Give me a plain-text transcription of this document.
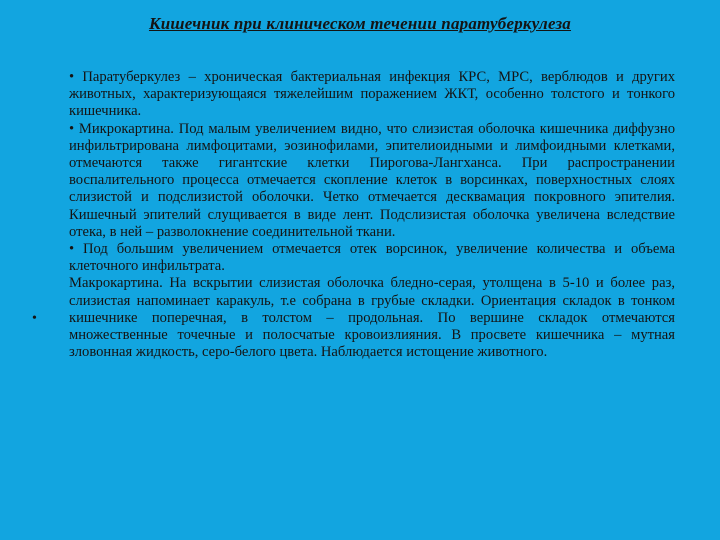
Кишечник при клиническом течении паратуберкулеза
•

• Паратуберкулез – хроническая бактериальная инфекция КРС, МРС, верблюдов и других животных, характеризующаяся тяжелейшим поражением ЖКТ, особенно толстого и тонкого кишечника.

• Микрокартина. Под малым увеличением видно, что слизистая оболочка кишечника диффузно инфильтрирована лимфоцитами, эозинофилами, эпителиоидными и лимфоидными клетками, отмечаются также гигантские клетки Пирогова-Лангханса. При распространении воспалительного процесса отмечается скопление клеток в ворсинках, поверхностных слоях слизистой и подслизистой оболочки. Четко отмечается десквамация покровного эпителия. Кишечный эпителий слущивается в виде лент. Подслизистая оболочка увеличена вследствие отека, в ней – разволокнение соединительной ткани.

• Под большим увеличением отмечается отек ворсинок, увеличение количества и объема клеточного инфильтрата.

Макрокартина. На вскрытии слизистая оболочка бледно-серая, утолщена в 5-10 и более раз, слизистая напоминает каракуль, т.е собрана в грубые складки. Ориентация складок в тонком кишечнике поперечная, в толстом – продольная. По вершине складок отмечаются множественные точечные и полосчатые кровоизлияния. В просвете кишечника – мутная зловонная жидкость, серо-белого цвета. Наблюдается истощение животного.
